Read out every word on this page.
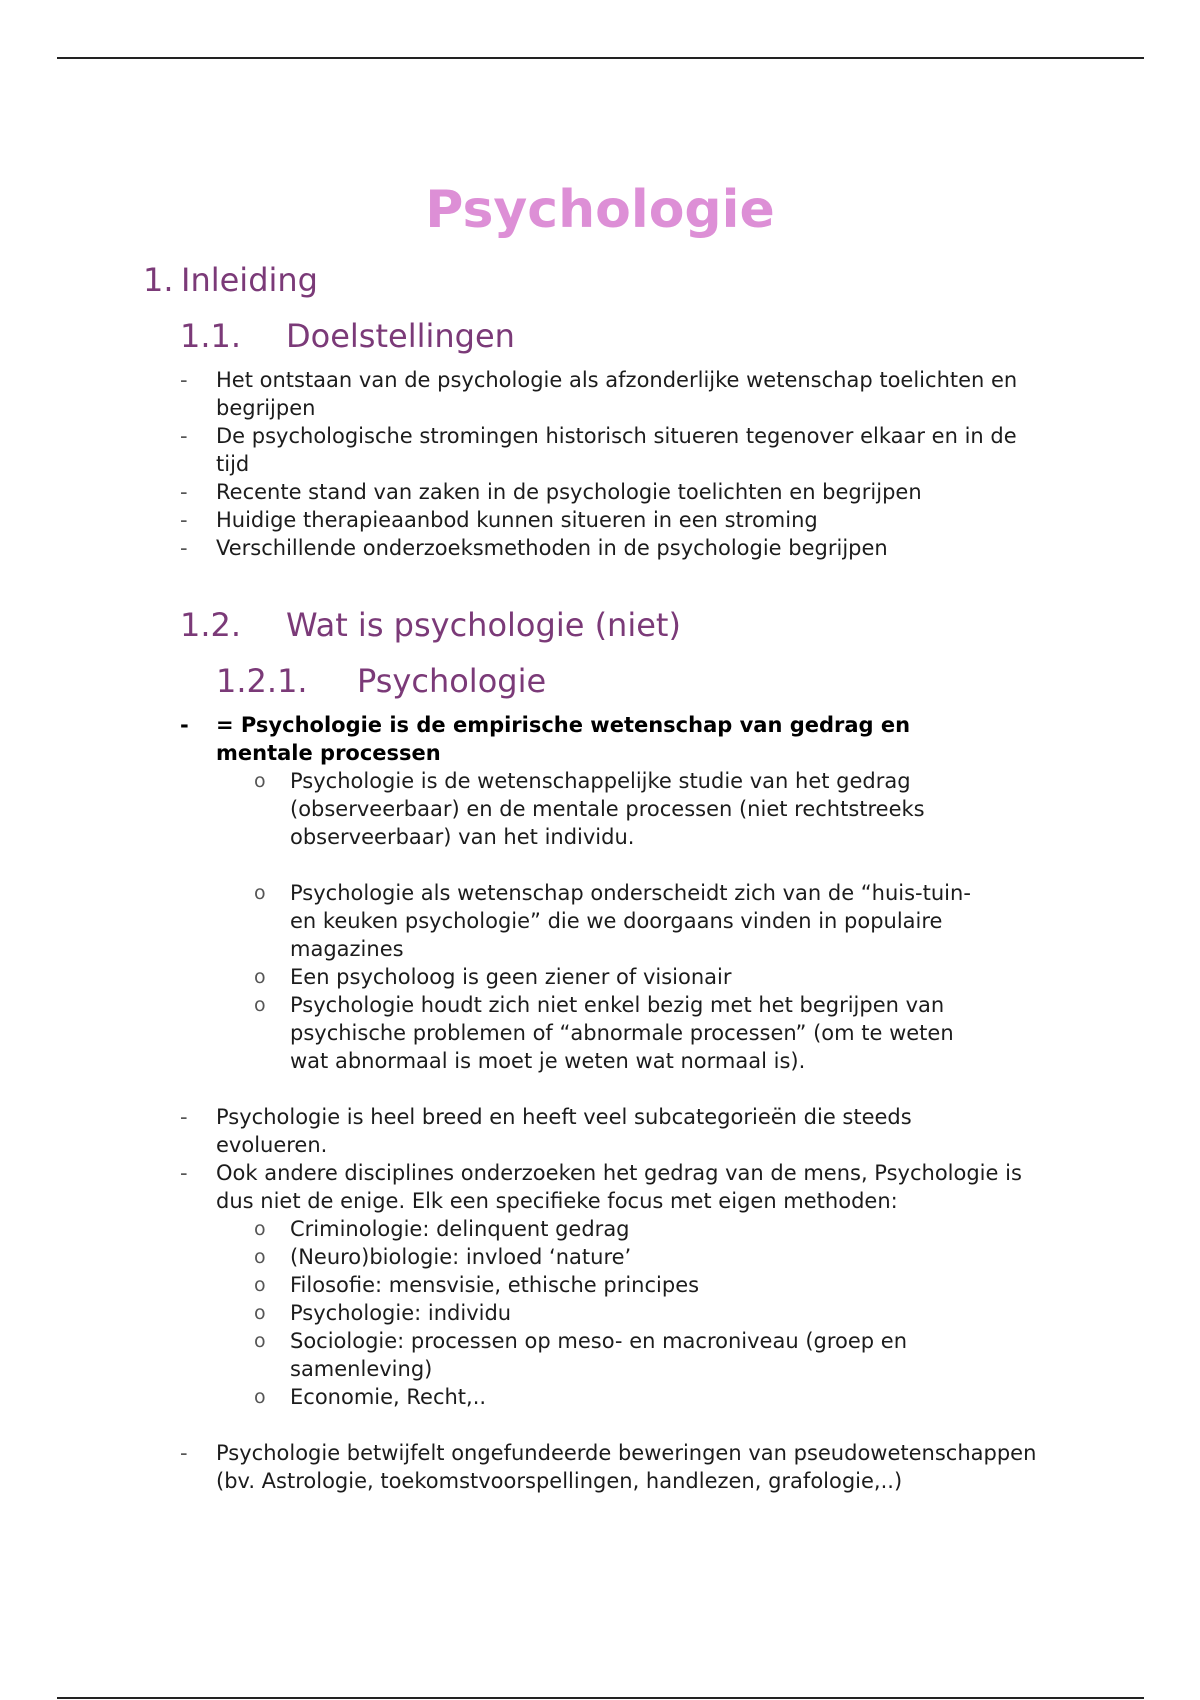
Psychologie
1. Inleiding
1.1. Doelstellingen
- Het ontstaan van de psychologie als afzonderlijke wetenschap toelichten en begrijpen
- De psychologische stromingen historisch situeren tegenover elkaar en in de tijd
- Recente stand van zaken in de psychologie toelichten en begrijpen
- Huidige therapieaanbod kunnen situeren in een stroming
- Verschillende onderzoeksmethoden in de psychologie begrijpen
1.2. Wat is psychologie (niet)
1.2.1. Psychologie
- = Psychologie is de empirische wetenschap van gedrag en mentale processen
o Psychologie is de wetenschappelijke studie van het gedrag (observeerbaar) en de mentale processen (niet rechtstreeks observeerbaar) van het individu.
o Psychologie als wetenschap onderscheidt zich van de “huis-tuin- en keuken psychologie” die we doorgaans vinden in populaire magazines
o Een psycholoog is geen ziener of visionair
o Psychologie houdt zich niet enkel bezig met het begrijpen van psychische problemen of “abnormale processen” (om te weten wat abnormaal is moet je weten wat normaal is).
- Psychologie is heel breed en heeft veel subcategorieën die steeds evolueren.
- Ook andere disciplines onderzoeken het gedrag van de mens, Psychologie is dus niet de enige. Elk een specifieke focus met eigen methoden:
o Criminologie: delinquent gedrag
o (Neuro)biologie: invloed ‘nature’
o Filosofie: mensvisie, ethische principes
o Psychologie: individu
o Sociologie: processen op meso- en macroniveau (groep en samenleving)
o Economie, Recht,..
- Psychologie betwijfelt ongefundeerde beweringen van pseudowetenschappen (bv. Astrologie, toekomstvoorspellingen, handlezen, grafologie,..)
